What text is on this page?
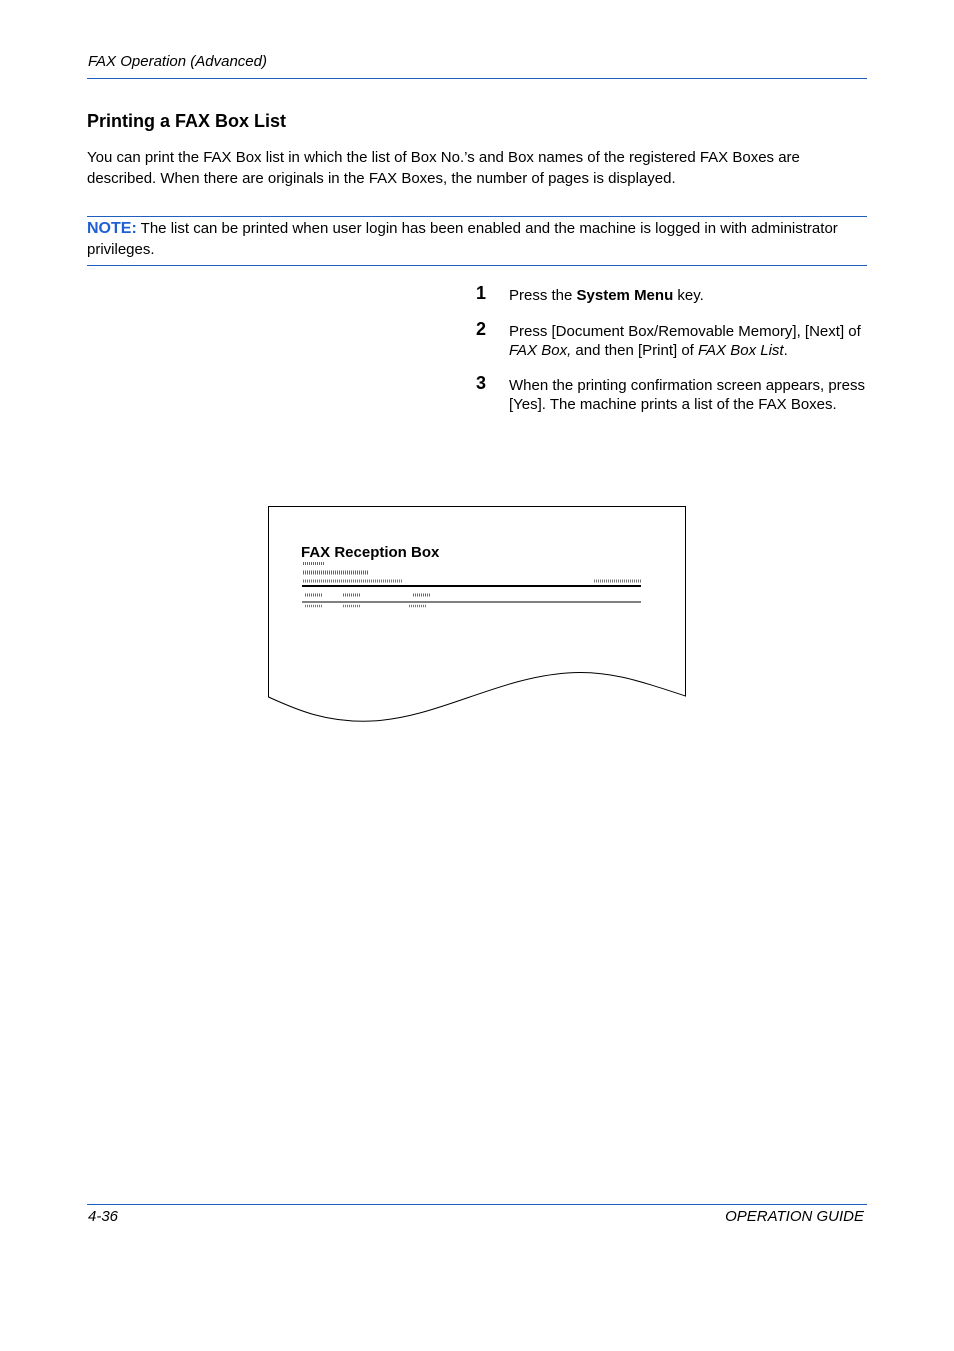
FAX Operation (Advanced)
Printing a FAX Box List
You can print the FAX Box list in which the list of Box No.’s and Box names of the registered FAX Boxes are described. When there are originals in the FAX Boxes, the number of pages is displayed.
NOTE: The list can be printed when user login has been enabled and the machine is logged in with administrator privileges.
1 Press the System Menu key.
2 Press [Document Box/Removable Memory], [Next] of FAX Box, and then [Print] of FAX Box List.
3 When the printing confirmation screen appears, press [Yes]. The machine prints a list of the FAX Boxes.
FAX Reception Box
4-36	OPERATION GUIDE
